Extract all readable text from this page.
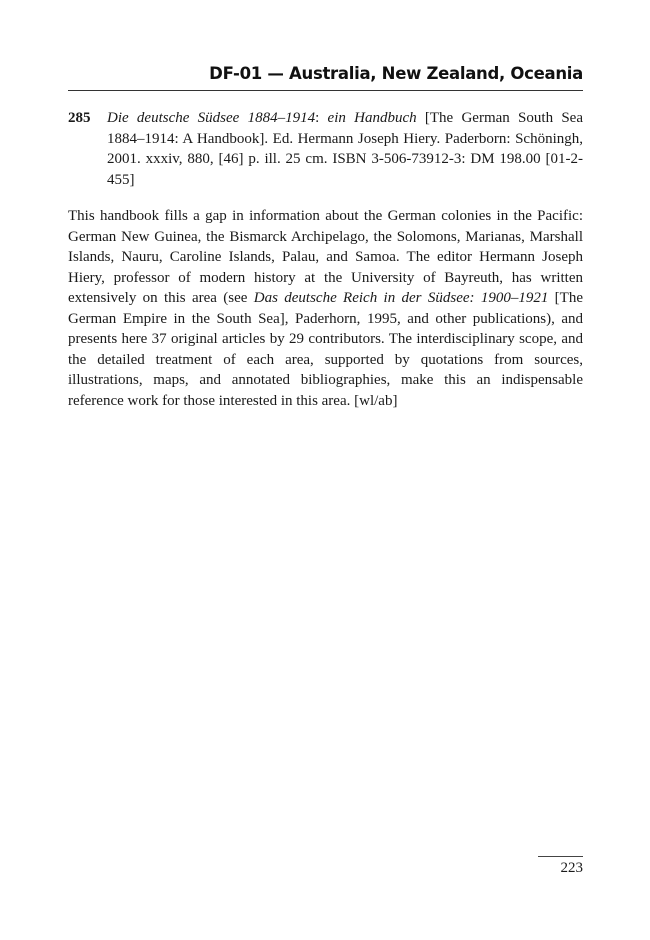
DF-01 — Australia, New Zealand, Oceania
285 Die deutsche Südsee 1884–1914: ein Handbuch [The German South Sea 1884–1914: A Handbook]. Ed. Hermann Joseph Hiery. Paderborn: Schöningh, 2001. xxxiv, 880, [46] p. ill. 25 cm. ISBN 3-506-73912-3: DM 198.00 [01-2-455]

This handbook fills a gap in information about the German colonies in the Pacific: German New Guinea, the Bismarck Archipelago, the Solomons, Marianas, Marshall Islands, Nauru, Caroline Islands, Palau, and Samoa. The editor Hermann Joseph Hiery, professor of modern history at the University of Bayreuth, has written extensively on this area (see Das deutsche Reich in der Südsee: 1900–1921 [The German Empire in the South Sea], Paderhorn, 1995, and other publications), and presents here 37 original articles by 29 contributors. The interdisciplinary scope, and the detailed treatment of each area, supported by quotations from sources, illustrations, maps, and annotated bibliographies, make this an indispensable reference work for those interested in this area. [wl/ab]

223
